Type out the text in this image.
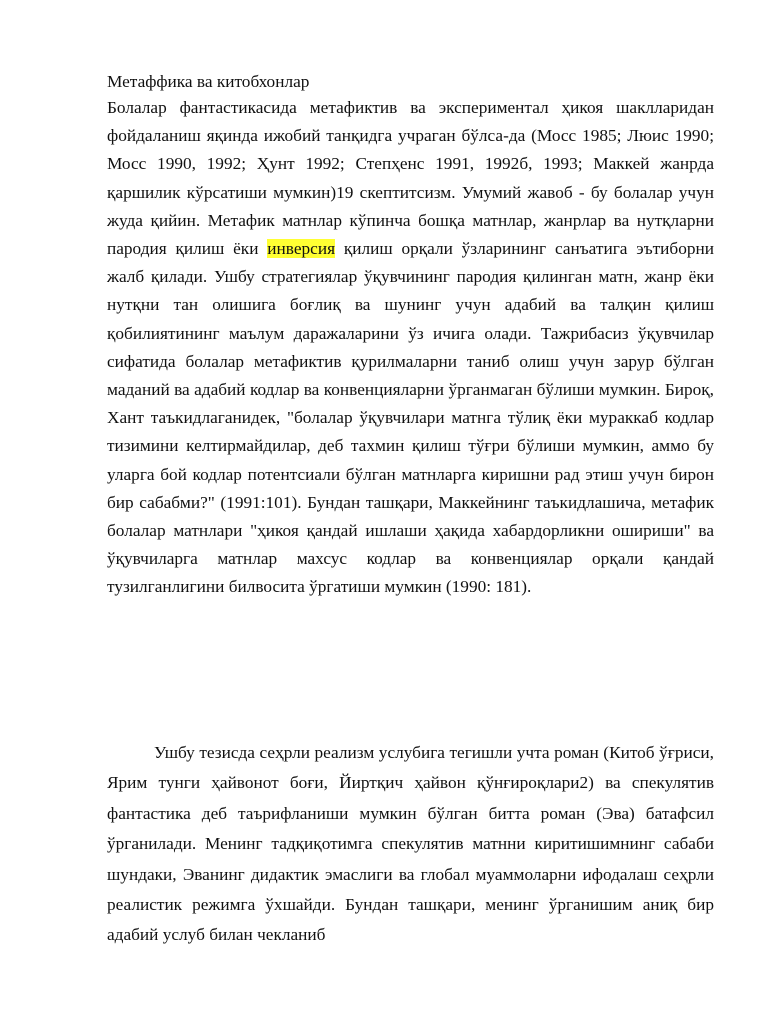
Метаффика ва китобхонлар

Болалар фантастикасида метафиктив ва экспериментал ҳикоя шаклларидан фойдаланиш яқинда ижобий танқидга учраган бўлса-да (Мосс 1985; Люис 1990; Мосс 1990, 1992; Ҳунт 1992; Степҳенс 1991, 1992б, 1993; Маккей жанрда қаршилик кўрсатиши мумкин)19 скептитсизм. Умумий жавоб - бу болалар учун жуда қийин. Метафик матнлар кўпинча бошқа матнлар, жанрлар ва нутқларни пародия қилиш ёки инверсия қилиш орқали ўзларининг санъатига эътиборни жалб қилади. Ушбу стратегиялар ўқувчининг пародия қилинган матн, жанр ёки нутқни тан олишига боғлиқ ва шунинг учун адабий ва талқин қилиш қобилиятининг маълум даражаларини ўз ичига олади. Тажрибасиз ўқувчилар сифатида болалар метафиктив қурилмаларни таниб олиш учун зарур бўлган маданий ва адабий кодлар ва конвенцияларни ўрганмаган бўлиши мумкин. Бироқ, Хант таъкидлаганидек, "болалар ўқувчилари матнга тўлиқ ёки мураккаб кодлар тизимини келтирмайдилар, деб тахмин қилиш тўғри бўлиши мумкин, аммо бу уларга бой кодлар потентсиали бўлган матнларга киришни рад этиш учун бирон бир сабабми?" (1991:101). Бундан ташқари, Маккейнинг таъкидлашича, метафик болалар матнлари "ҳикоя қандай ишлаши ҳақида хабардорликни ошириши" ва ўқувчиларга матнлар махсус кодлар ва конвенциялар орқали қандай тузилганлигини билвосита ўргатиши мумкин (1990: 181).

Ушбу тезисда сеҳрли реализм услубига тегишли учта роман (Китоб ўғриси, Ярим тунги ҳайвонот боғи, Йиртқич ҳайвон қўнғироқлари2) ва спекулятив фантастика деб таърифланиши мумкин бўлган битта роман (Эва) батафсил ўрганилади. Менинг тадқиқотимга спекулятив матнни киритишимнинг сабаби шундаки, Эванинг дидактик эмаслиги ва глобал муаммоларни ифодалаш сеҳрли реалистик режимга ўхшайди. Бундан ташқари, менинг ўрганишим аниқ бир адабий услуб билан чекланиб
